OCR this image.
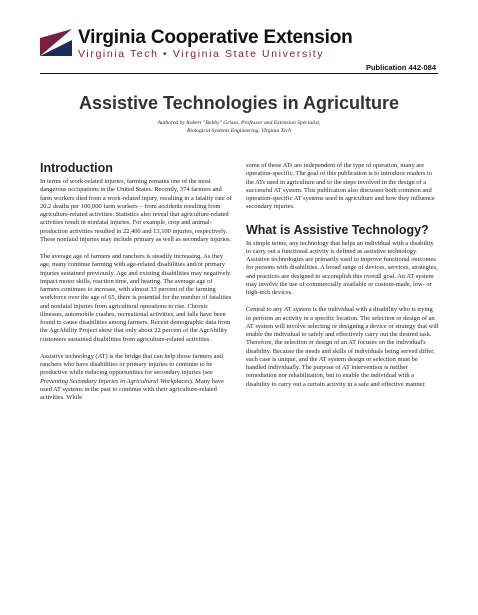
Virginia Cooperative Extension
Virginia Tech • Virginia State University
Publication 442-084
Assistive Technologies in Agriculture
Authored by Robert "Bobby" Grisso, Professor and Extension Specialist,
Biological Systems Engineering, Virginia Tech
Introduction

In terms of work-related injuries, farming remains one of the most dangerous occupations in the United States. Recently, 374 farmers and farm workers died from a work-related injury, resulting in a fatality rate of 20.2 deaths per 100,000 farm workers – from accidents resulting from agriculture-related activities. Statistics also reveal that agriculture-related activities result in nonfatal injuries. For example, crop and animal-production activities resulted in 22,400 and 13,100 injuries, respectively. These nonfatal injuries may include primary as well as secondary injuries.

The average age of farmers and ranchers is steadily increasing. As they age, many continue farming with age-related disabilities and/or primary injuries sustained previously. Age and existing disabilities may negatively impact motor skills, reaction time, and hearing. The average age of farmers continues to increase, with almost 33 percent of the farming workforce over the age of 65, there is potential for the number of fatalities and nonfatal injuries from agricultural operations to rise. Chronic illnesses, automobile crashes, recreational activities, and falls have been found to cause disabilities among farmers. Recent demographic data from the AgrAbility Project show that only about 22 percent of the AgrAbility customers sustained disabilities from agriculture-related activities.

Assistive technology (AT) is the bridge that can help those farmers and ranchers who have disabilities or primary injuries to continue to be productive while reducing opportunities for secondary injuries (see Preventing Secondary Injuries in Agricultural Workplaces). Many have used AT systems in the past to continue with their agriculture-related activities. While

some of these ATs are independent of the type of operation, many are operation-specific. The goal of this publication is to introduce readers to the ATs used in agriculture and to the steps involved in the design of a successful AT system. This publication also discusses both common and operation-specific AT systems used in agriculture and how they influence secondary injuries.

What is Assistive Technology?

In simple terms, any technology that helps an individual with a disability to carry out a functional activity is defined as assistive technology. Assistive technologies are primarily used to improve functional outcomes for persons with disabilities. A broad range of devices, services, strategies, and practices are designed to accomplish this overall goal. An AT system may involve the use of commercially available or custom-made, low- or high-tech devices.

Central to any AT system is the individual with a disability who is trying to perform an activity in a specific location. The selection or design of an AT system will involve selecting or designing a device or strategy that will enable the individual to safely and effectively carry out the desired task. Therefore, the selection or design of an AT focuses on the individual's disability. Because the needs and skills of individuals being served differ, each case is unique, and the AT system design or selection must be handled individually. The purpose of AT intervention is neither remediation nor rehabilitation, but to enable the individual with a disability to carry out a certain activity in a safe and effective manner.
